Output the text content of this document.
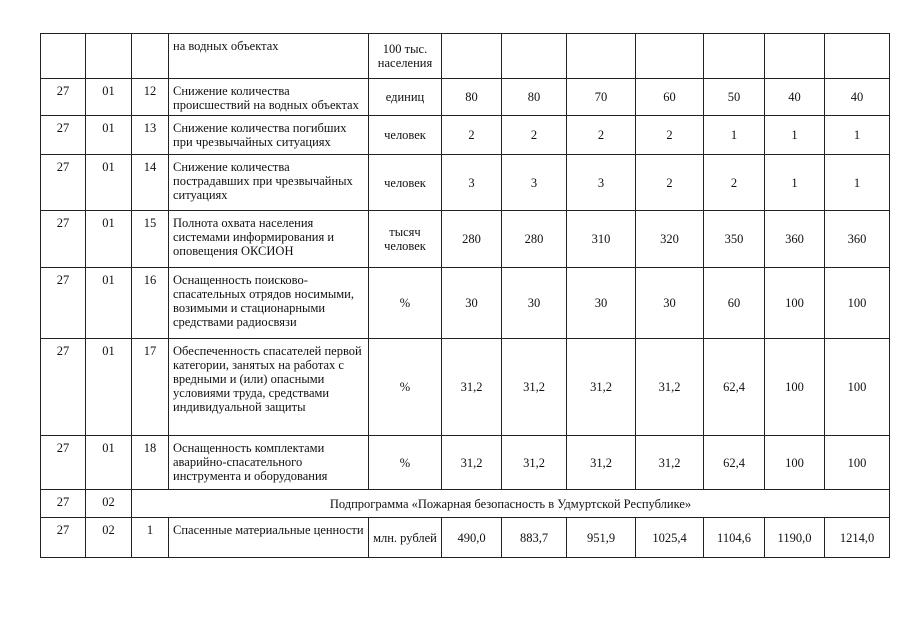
			на водных объектах	100 тыс. населения							
27	01	12	Снижение количества происшествий на водных объектах	единиц	80	80	70	60	50	40	40
27	01	13	Снижение количества погибших при чрезвычайных ситуациях	человек	2	2	2	2	1	1	1
27	01	14	Снижение количества пострадавших при чрезвычайных ситуациях	человек	3	3	3	2	2	1	1
27	01	15	Полнота охвата населения системами информирования и оповещения ОКСИОН	тысяч человек	280	280	310	320	350	360	360
27	01	16	Оснащенность поисково-спасательных отрядов носимыми, возимыми и стационарными средствами радиосвязи	%	30	30	30	30	60	100	100
27	01	17	Обеспеченность спасателей первой категории, занятых на работах с вредными и (или) опасными условиями труда, средствами индивидуальной защиты	%	31,2	31,2	31,2	31,2	62,4	100	100
27	01	18	Оснащенность комплектами аварийно-спасательного инструмента и оборудования	%	31,2	31,2	31,2	31,2	62,4	100	100
27	02	Подпрограмма «Пожарная безопасность в Удмуртской Республике»									
27	02	1	Спасенные материальные ценности	млн. рублей	490,0	883,7	951,9	1025,4	1104,6	1190,0	1214,0
